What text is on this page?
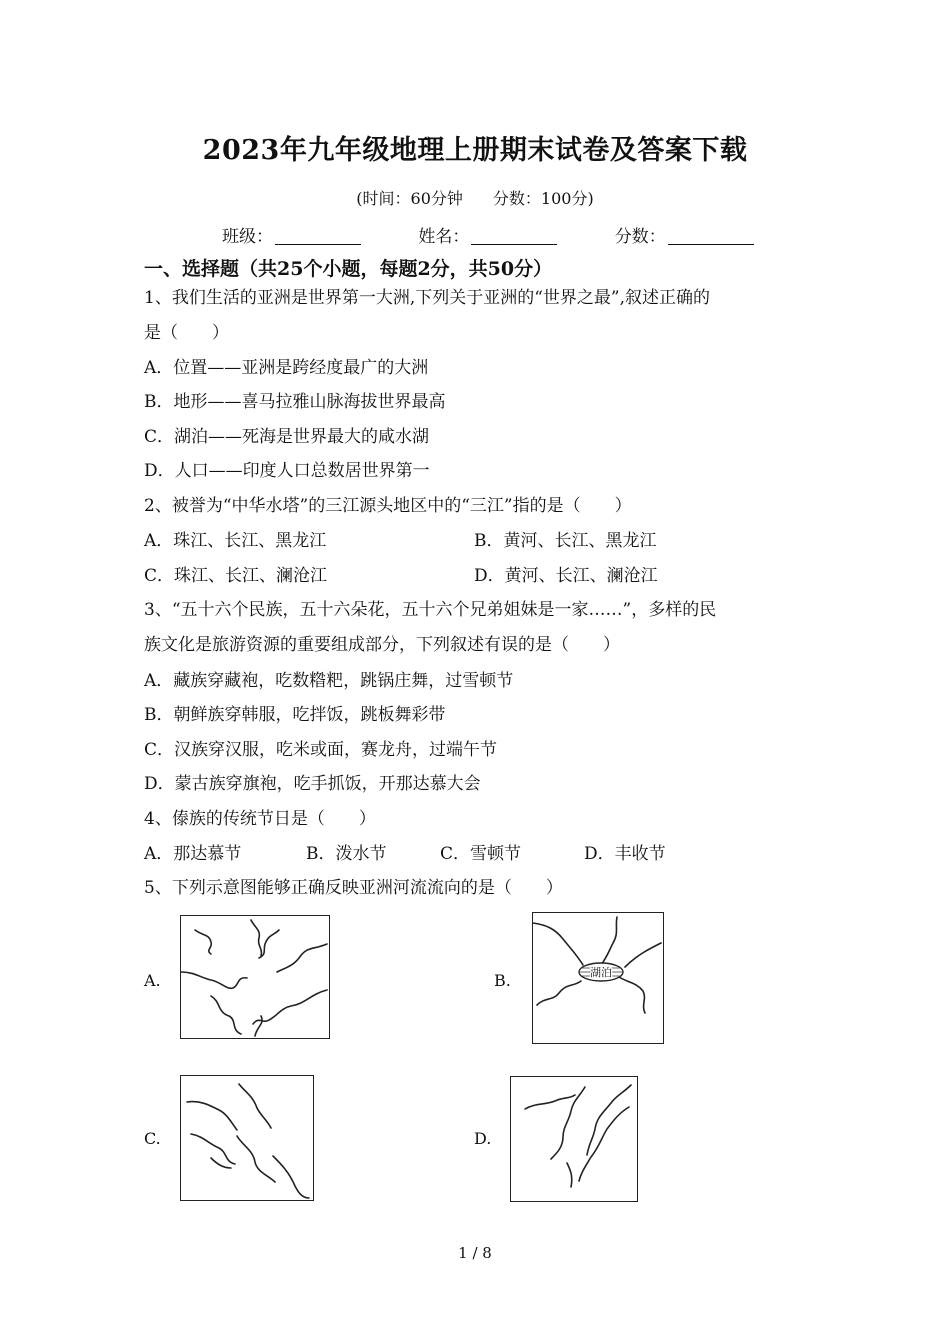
2023年九年级地理上册期末试卷及答案下载
(时间：60分钟 分数：100分)
班级：	姓名：	分数：
一、选择题（共25个小题，每题2分，共50分）
1、我们生活的亚洲是世界第一大洲,下列关于亚洲的“世界之最”,叙述正确的
是（　　）
A．位置——亚洲是跨经度最广的大洲
B．地形——喜马拉雅山脉海拔世界最高
C．湖泊——死海是世界最大的咸水湖
D．人口——印度人口总数居世界第一
2、被誉为“中华水塔”的三江源头地区中的“三江”指的是（　　）
A．珠江、长江、黑龙江	B．黄河、长江、黑龙江
C．珠江、长江、澜沧江	D．黄河、长江、澜沧江
3、“五十六个民族，五十六朵花，五十六个兄弟姐妹是一家……”，多样的民
族文化是旅游资源的重要组成部分，下列叙述有误的是（　　）
A．藏族穿藏袍，吃数糌粑，跳锅庄舞，过雪顿节
B．朝鲜族穿韩服，吃拌饭，跳板舞彩带
C．汉族穿汉服，吃米或面，赛龙舟，过端午节
D．蒙古族穿旗袍，吃手抓饭，开那达慕大会
4、傣族的传统节日是（　　）
A．那达慕节	B．泼水节	C．雪顿节	D．丰收节
5、下列示意图能够正确反映亚洲河流流向的是（　　）
A.	B.	湖泊
C.	D.
1 / 8
